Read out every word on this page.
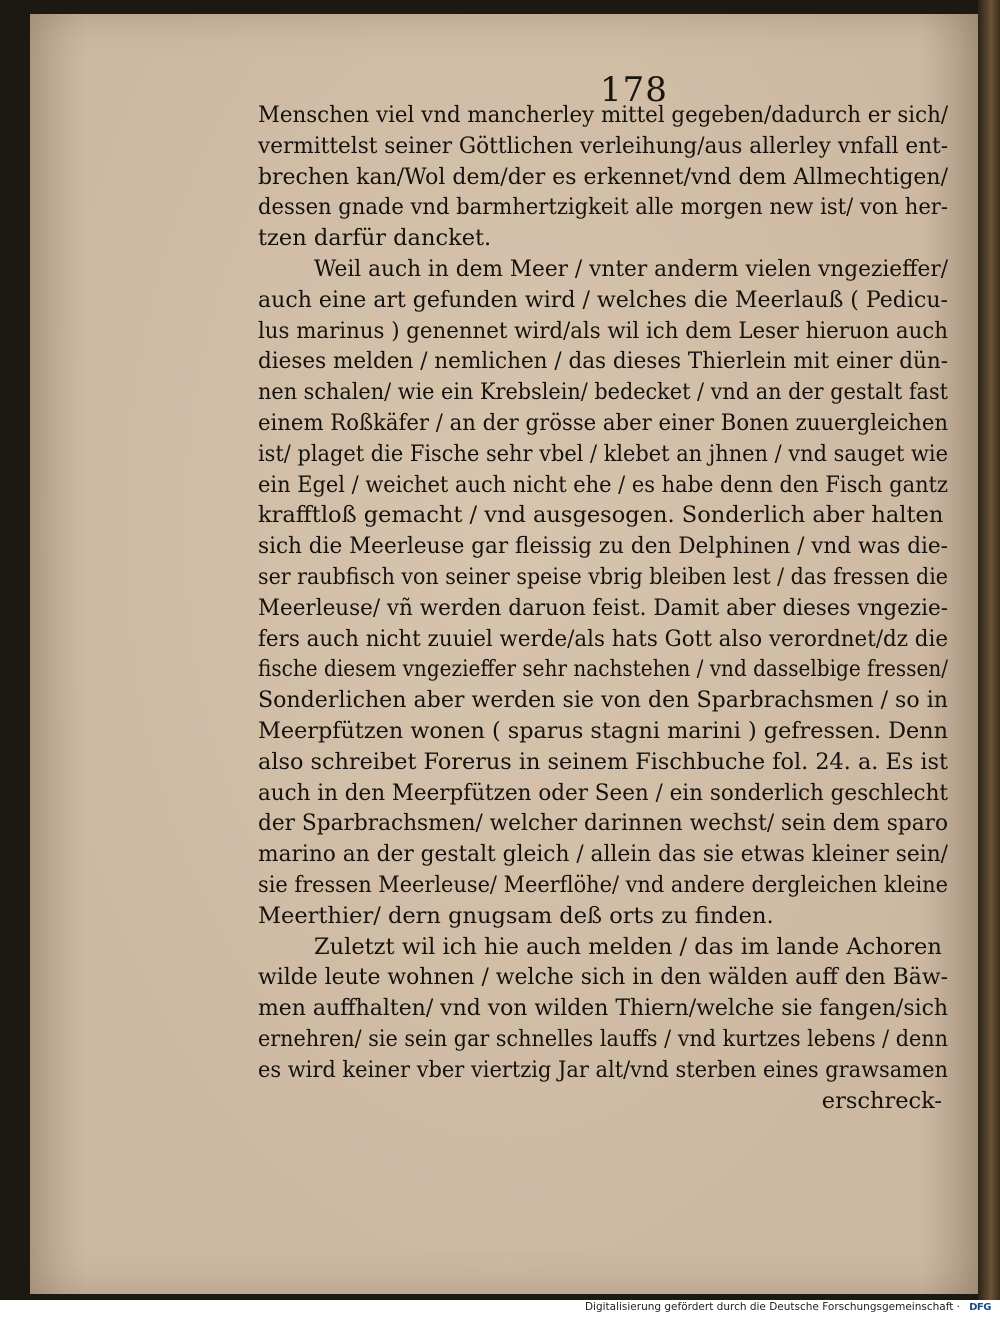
178
Menschen viel vnd mancherley mittel gegeben/dadurch er sich/
vermittelst seiner Göttlichen verleihung/aus allerley vnfall ent-
brechen kan/Wol dem/der es erkennet/vnd dem Allmechtigen/
dessen gnade vnd barmhertzigkeit alle morgen new ist/ von her-
tzen darfür dancket.
Weil auch in dem Meer / vnter anderm vielen vngezieffer/
auch eine art gefunden wird / welches die Meerlauß ( Pedicu-
lus marinus ) genennet wird/als wil ich dem Leser hieruon auch
dieses melden / nemlichen / das dieses Thierlein mit einer dün-
nen schalen/ wie ein Krebslein/ bedecket / vnd an der gestalt fast
einem Roßkäfer / an der grösse aber einer Bonen zuuergleichen
ist/ plaget die Fische sehr vbel / klebet an jhnen / vnd sauget wie
ein Egel / weichet auch nicht ehe / es habe denn den Fisch gantz
krafftloß gemacht / vnd ausgesogen. Sonderlich aber halten
sich die Meerleuse gar fleissig zu den Delphinen / vnd was die-
ser raubfisch von seiner speise vbrig bleiben lest / das fressen die
Meerleuse/ vñ werden daruon feist. Damit aber dieses vngezie-
fers auch nicht zuuiel werde/als hats Gott also verordnet/dz die
fische diesem vngezieffer sehr nachstehen / vnd dasselbige fressen/
Sonderlichen aber werden sie von den Sparbrachsmen / so in
Meerpfützen wonen ( sparus stagni marini ) gefressen. Denn
also schreibet Forerus in seinem Fischbuche fol. 24. a. Es ist
auch in den Meerpfützen oder Seen / ein sonderlich geschlecht
der Sparbrachsmen/ welcher darinnen wechst/ sein dem sparo
marino an der gestalt gleich / allein das sie etwas kleiner sein/
sie fressen Meerleuse/ Meerflöhe/ vnd andere dergleichen kleine
Meerthier/ dern gnugsam deß orts zu finden.
Zuletzt wil ich hie auch melden / das im lande Achoren
wilde leute wohnen / welche sich in den wälden auff den Bäw-
men auffhalten/ vnd von wilden Thiern/welche sie fangen/sich
ernehren/ sie sein gar schnelles lauffs / vnd kurtzes lebens / denn
es wird keiner vber viertzig Jar alt/vnd sterben eines grawsamen
erschreck-
Digitalisierung gefördert durch die Deutsche Forschungsgemeinschaft · DFG
